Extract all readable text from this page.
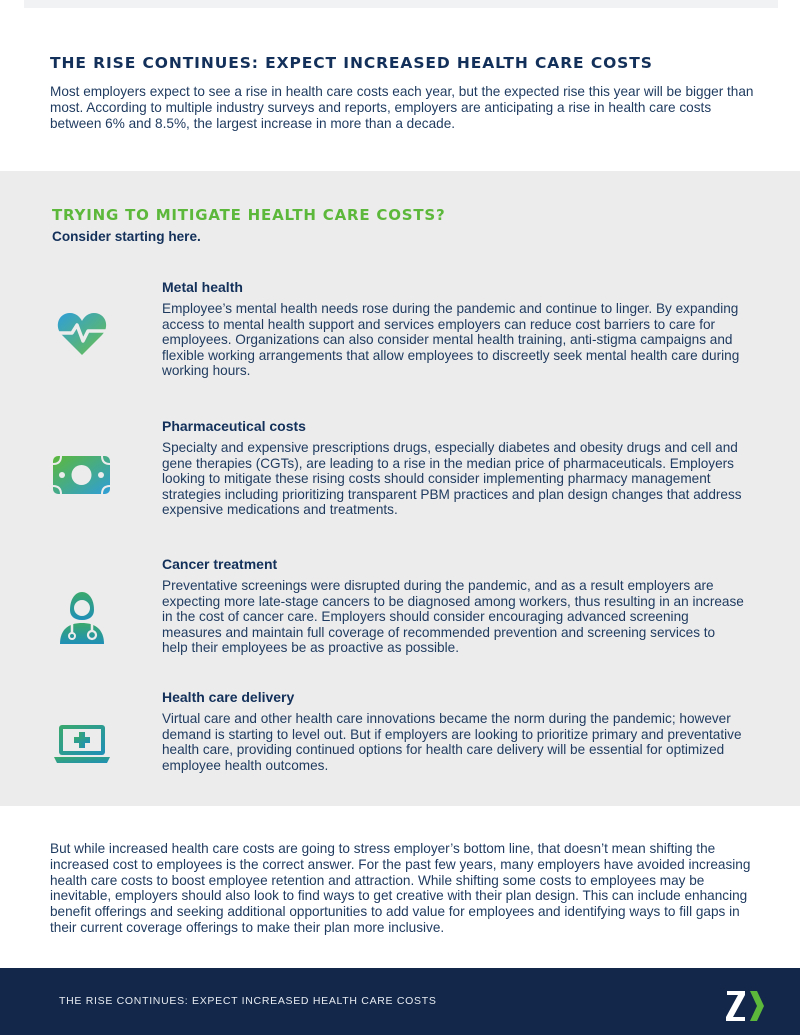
THE RISE CONTINUES: EXPECT INCREASED HEALTH CARE COSTS

Most employers expect to see a rise in health care costs each year, but the expected rise this year will be bigger than most. According to multiple industry surveys and reports, employers are anticipating a rise in health care costs between 6% and 8.5%, the largest increase in more than a decade.

TRYING TO MITIGATE HEALTH CARE COSTS?
Consider starting here.
Metal health

Employee’s mental health needs rose during the pandemic and continue to linger. By expanding access to mental health support and services employers can reduce cost barriers to care for employees. Organizations can also consider mental health training, anti-stigma campaigns and flexible working arrangements that allow employees to discreetly seek mental health care during working hours.

Pharmaceutical costs

Specialty and expensive prescriptions drugs, especially diabetes and obesity drugs and cell and gene therapies (CGTs), are leading to a rise in the median price of pharmaceuticals. Employers looking to mitigate these rising costs should consider implementing pharmacy management strategies including prioritizing transparent PBM practices and plan design changes that address expensive medications and treatments.

Cancer treatment

Preventative screenings were disrupted during the pandemic, and as a result employers are expecting more late-stage cancers to be diagnosed among workers, thus resulting in an increase in the cost of cancer care. Employers should consider encouraging advanced screening measures and maintain full coverage of recommended prevention and screening services to help their employees be as proactive as possible.

Health care delivery

Virtual care and other health care innovations became the norm during the pandemic; however demand is starting to level out. But if employers are looking to prioritize primary and preventative health care, providing continued options for health care delivery will be essential for optimized employee health outcomes.

But while increased health care costs are going to stress employer’s bottom line, that doesn’t mean shifting the increased cost to employees is the correct answer. For the past few years, many employers have avoided increasing health care costs to boost employee retention and attraction. While shifting some costs to employees may be inevitable, employers should also look to find ways to get creative with their plan design. This can include enhancing benefit offerings and seeking additional opportunities to add value for employees and identifying ways to fill gaps in their current coverage offerings to make their plan more inclusive.

THE RISE CONTINUES: EXPECT INCREASED HEALTH CARE COSTS
